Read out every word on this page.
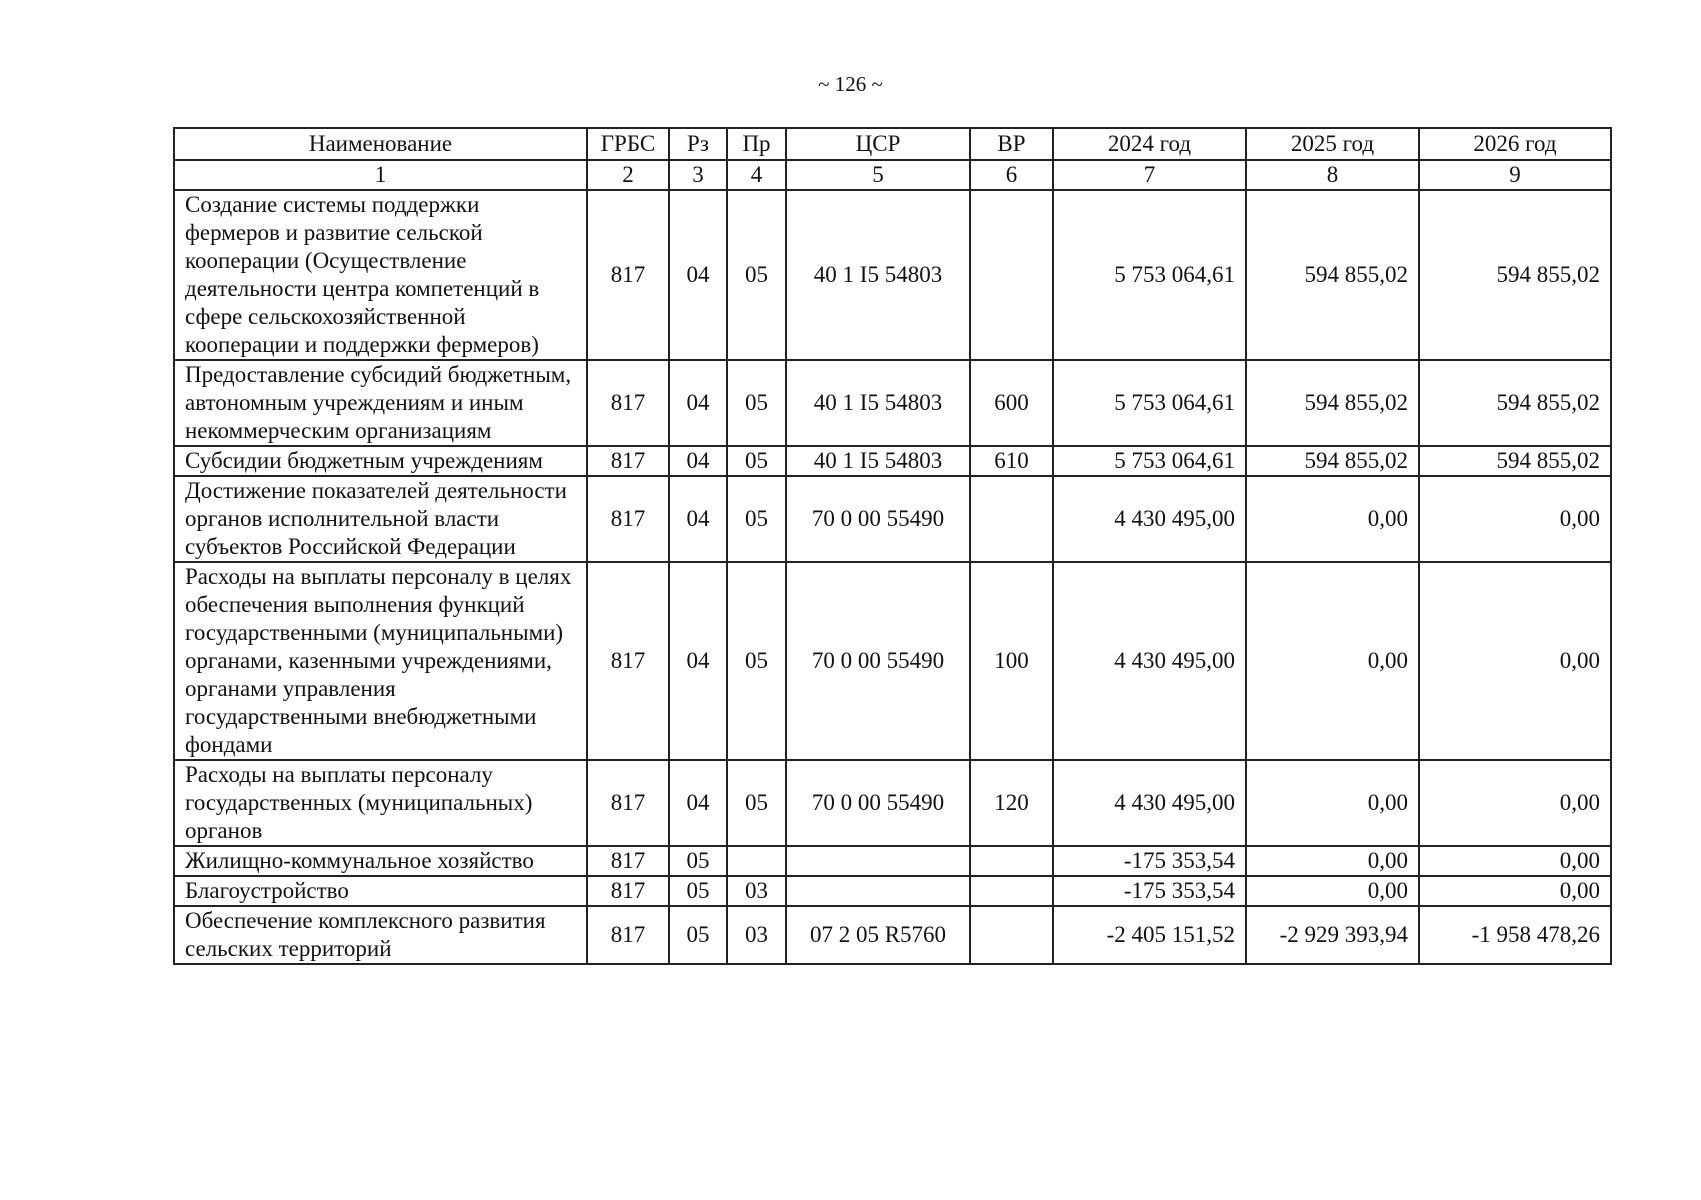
~ 126 ~
Наименование	ГРБС	Рз	Пр	ЦСР	ВР	2024 год	2025 год	2026 год
1	2	3	4	5	6	7	8	9
Создание системы поддержки фермеров и развитие сельской кооперации (Осуществление деятельности центра компетенций в сфере сельскохозяйственной кооперации и поддержки фермеров)	817	04	05	40 1 I5 54803		5 753 064,61	594 855,02	594 855,02
Предоставление субсидий бюджетным, автономным учреждениям и иным некоммерческим организациям	817	04	05	40 1 I5 54803	600	5 753 064,61	594 855,02	594 855,02
Субсидии бюджетным учреждениям	817	04	05	40 1 I5 54803	610	5 753 064,61	594 855,02	594 855,02
Достижение показателей деятельности органов исполнительной власти субъектов Российской Федерации	817	04	05	70 0 00 55490		4 430 495,00	0,00	0,00
Расходы на выплаты персоналу в целях обеспечения выполнения функций государственными (муниципальными) органами, казенными учреждениями, органами управления государственными внебюджетными фондами	817	04	05	70 0 00 55490	100	4 430 495,00	0,00	0,00
Расходы на выплаты персоналу государственных (муниципальных) органов	817	04	05	70 0 00 55490	120	4 430 495,00	0,00	0,00
Жилищно-коммунальное хозяйство	817	05				-175 353,54	0,00	0,00
Благоустройство	817	05	03			-175 353,54	0,00	0,00
Обеспечение комплексного развития сельских территорий	817	05	03	07 2 05 R5760		-2 405 151,52	-2 929 393,94	-1 958 478,26
